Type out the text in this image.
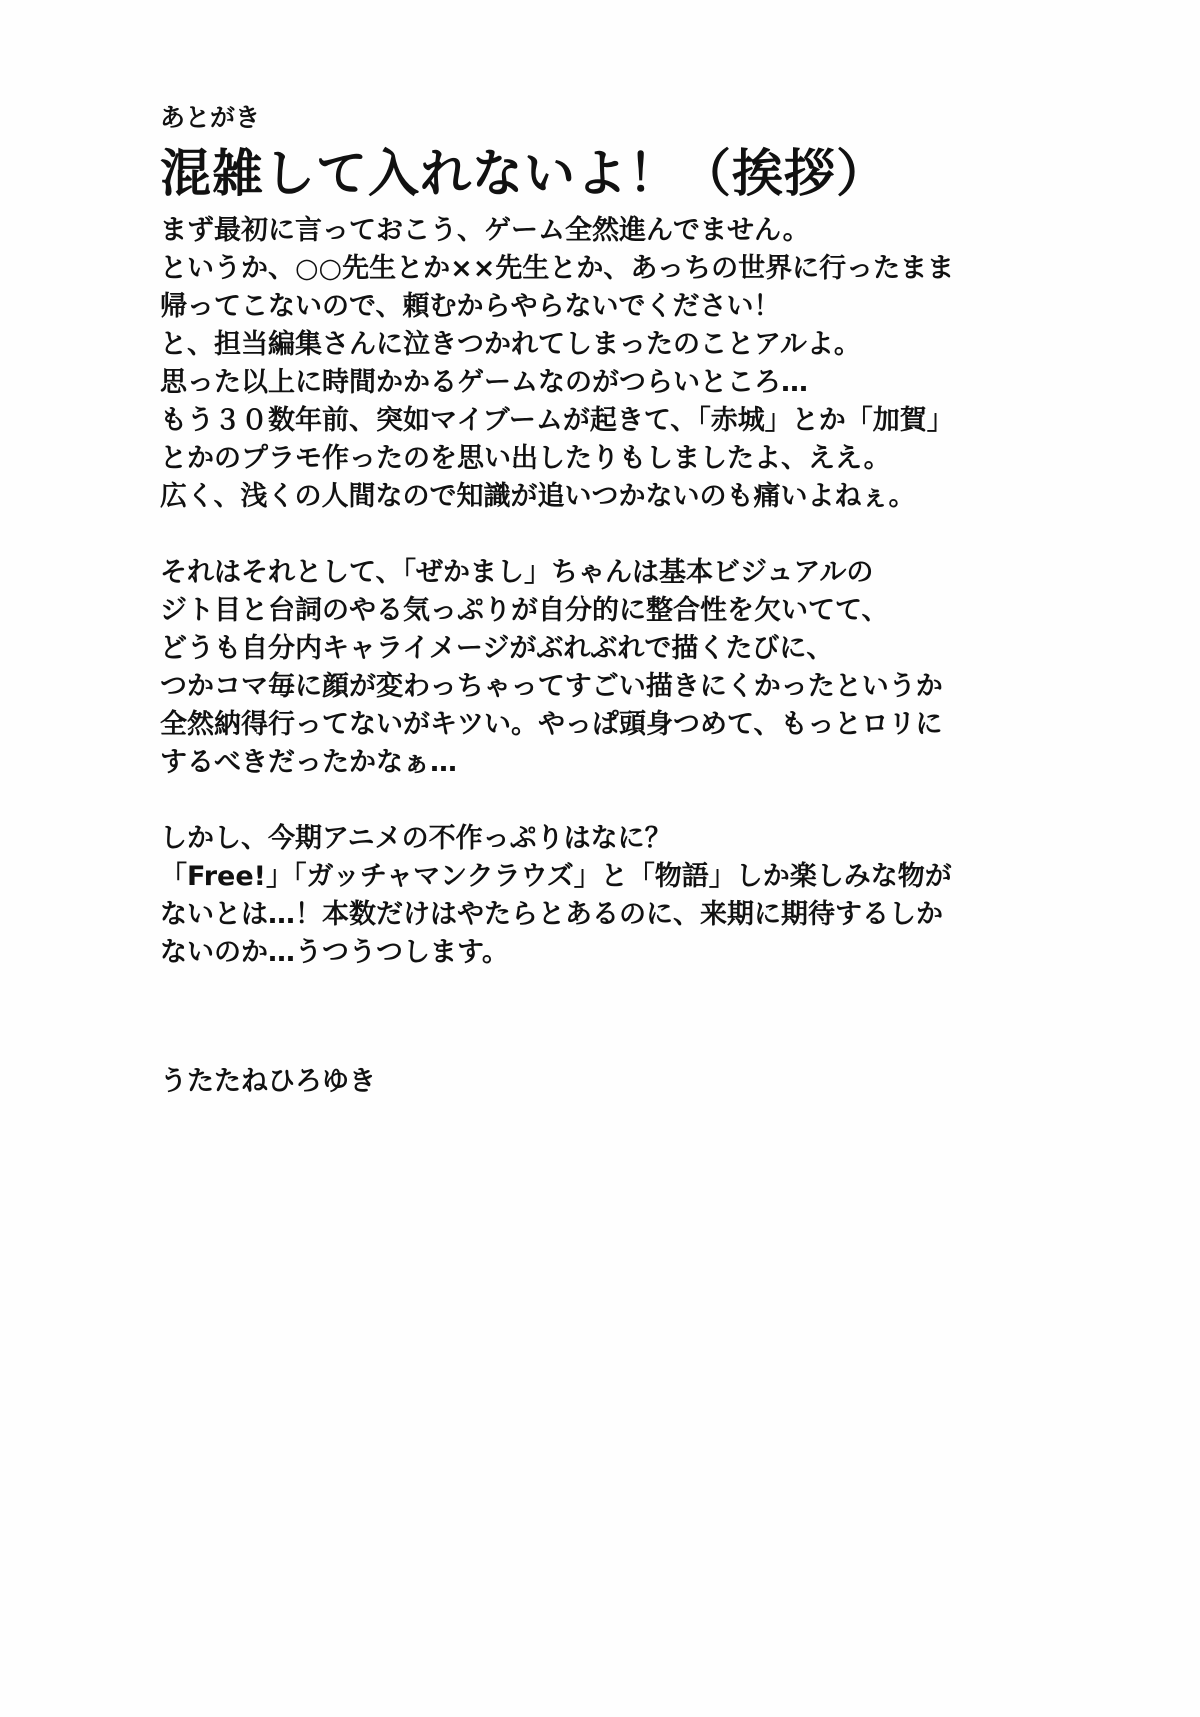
あとがき

混雑して入れないよ！（挨拶）
まず最初に言っておこう、ゲーム全然進んでません。
というか、○○先生とか××先生とか、あっちの世界に行ったまま
帰ってこないので、頼むからやらないでください！
と、担当編集さんに泣きつかれてしまったのことアルよ。
思った以上に時間かかるゲームなのがつらいところ…
もう３０数年前、突如マイブームが起きて、「赤城」とか「加賀」
とかのプラモ作ったのを思い出したりもしましたよ、ええ。
広く、浅くの人間なので知識が追いつかないのも痛いよねぇ。
それはそれとして、「ぜかまし」ちゃんは基本ビジュアルの
ジト目と台詞のやる気っぷりが自分的に整合性を欠いてて、
どうも自分内キャライメージがぶれぶれで描くたびに、
つかコマ毎に顔が変わっちゃってすごい描きにくかったというか
全然納得行ってないがキツい。やっぱ頭身つめて、もっとロリに
するべきだったかなぁ…
しかし、今期アニメの不作っぷりはなに？
「Free!」「ガッチャマンクラウズ」と「物語」しか楽しみな物が
ないとは…！本数だけはやたらとあるのに、来期に期待するしか
ないのか…うつうつします。

うたたねひろゆき
